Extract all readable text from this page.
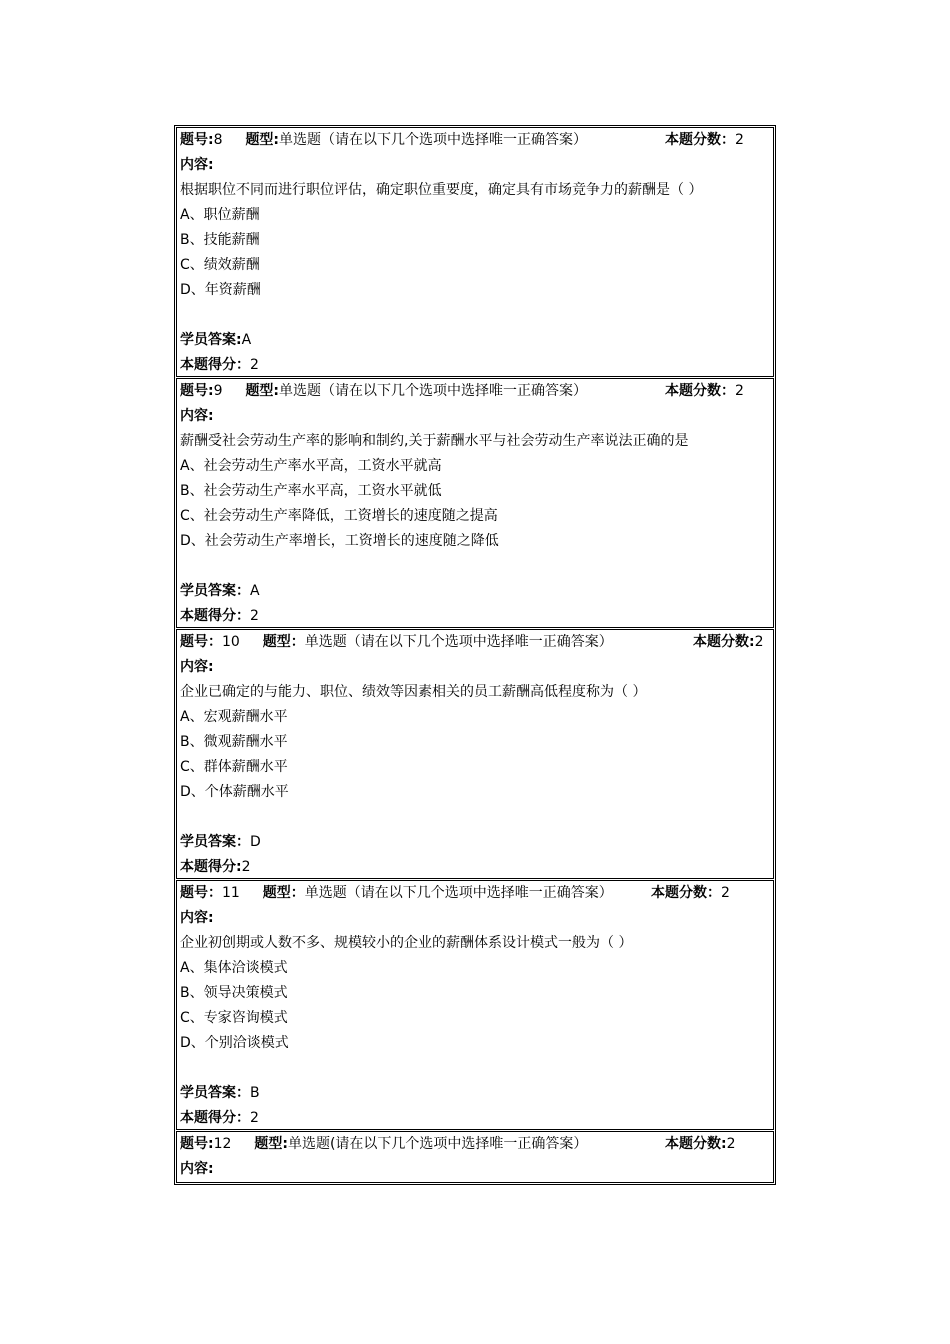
题号:8 题型:单选题（请在以下几个选项中选择唯一正确答案）	本题分数：2
内容:
根据职位不同而进行职位评估，确定职位重要度，确定具有市场竞争力的薪酬是（ ）
A、职位薪酬
B、技能薪酬
C、绩效薪酬
D、年资薪酬
学员答案:A
本题得分：2
题号:9 题型:单选题（请在以下几个选项中选择唯一正确答案）	本题分数：2
内容:
薪酬受社会劳动生产率的影响和制约,关于薪酬水平与社会劳动生产率说法正确的是
A、社会劳动生产率水平高，工资水平就高
B、社会劳动生产率水平高，工资水平就低
C、社会劳动生产率降低，工资增长的速度随之提高
D、社会劳动生产率增长，工资增长的速度随之降低
学员答案：A
本题得分：2
题号：10 题型：单选题（请在以下几个选项中选择唯一正确答案）	本题分数:2
内容:
企业已确定的与能力、职位、绩效等因素相关的员工薪酬高低程度称为（ ）
A、宏观薪酬水平
B、微观薪酬水平
C、群体薪酬水平
D、个体薪酬水平
学员答案：D
本题得分:2
题号：11 题型：单选题（请在以下几个选项中选择唯一正确答案）	本题分数：2
内容:
企业初创期或人数不多、规模较小的企业的薪酬体系设计模式一般为（ ）
A、集体洽谈模式
B、领导决策模式
C、专家咨询模式
D、个别洽谈模式
学员答案：B
本题得分：2
题号:12 题型:单选题(请在以下几个选项中选择唯一正确答案）	本题分数:2
内容:
